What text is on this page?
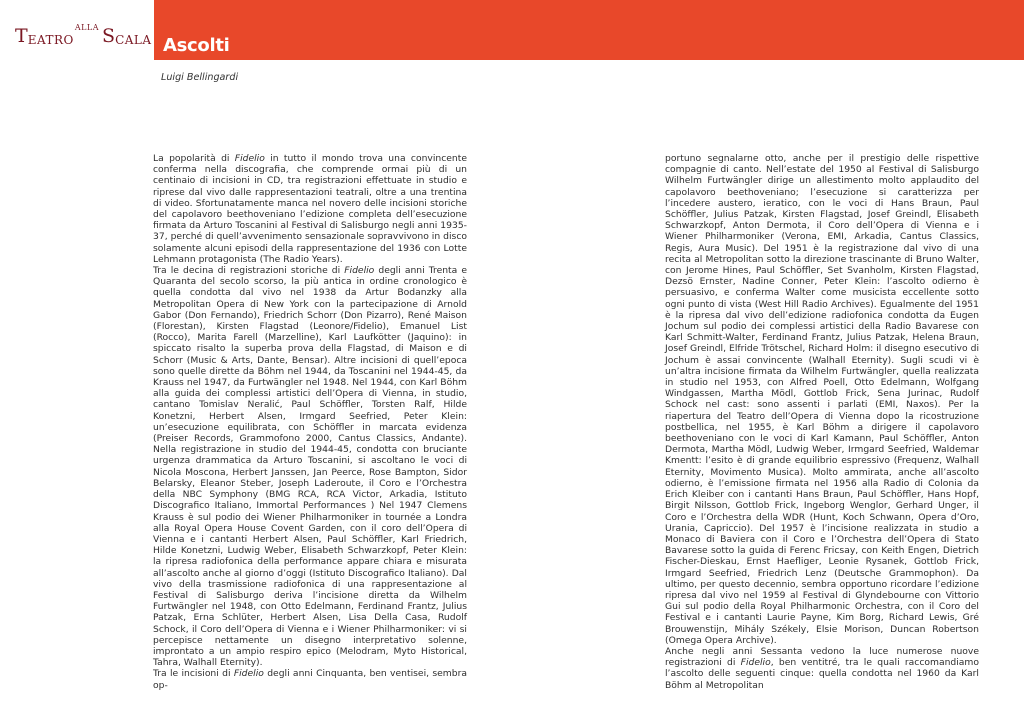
Ascolti
T EATRO
ALLA S CALA
Luigi Bellingardi

La popolarità di Fidelio in tutto il mondo trova una convincente conferma nella discografia, che comprende ormai più di un centinaio di incisioni in CD, tra registrazioni effettuate in studio e riprese dal vivo dalle rappresentazioni teatrali, oltre a una trentina di video. Sfortunatamente manca nel novero delle incisioni storiche del capolavoro beethoveniano l’edizione completa dell’esecuzione firmata da Arturo Toscanini al Festival di Salisburgo negli anni 1935-37, perché di quell’avvenimento sensazionale sopravvivono in disco solamente alcuni episodi della rappresentazione del 1936 con Lotte Lehmann protagonista (The Radio Years).

Tra le decina di registrazioni storiche di Fidelio degli anni Trenta e Quaranta del secolo scorso, la più antica in ordine cronologico è quella condotta dal vivo nel 1938 da Artur Bodanzky alla Metropolitan Opera di New York con la partecipazione di Arnold Gabor (Don Fernando), Friedrich Schorr (Don Pizarro), René Maison (Florestan), Kirsten Flagstad (Leonore/Fidelio), Emanuel List (Rocco), Marita Farell (Marzelline), Karl Laufkötter (Jaquino): in spiccato risalto la superba prova della Flagstad, di Maison e di Schorr (Music & Arts, Dante, Bensar). Altre incisioni di quell’epoca sono quelle dirette da Böhm nel 1944, da Toscanini nel 1944-45, da Krauss nel 1947, da Furtwängler nel 1948. Nel 1944, con Karl Böhm alla guida dei complessi artistici dell’Opera di Vienna, in studio, cantano Tomislav Neralić, Paul Schöffler, Torsten Ralf, Hilde Konetzni, Herbert Alsen, Irmgard Seefried, Peter Klein: un’esecuzione equilibrata, con Schöffler in marcata evidenza (Preiser Records, Grammofono 2000, Cantus Classics, Andante). Nella registrazione in studio del 1944-45, condotta con bruciante urgenza drammatica da Arturo Toscanini, si ascoltano le voci di Nicola Moscona, Herbert Janssen, Jan Peerce, Rose Bampton, Sidor Belarsky, Eleanor Steber, Joseph Laderoute, il Coro e l’Orchestra della NBC Symphony (BMG RCA, RCA Victor, Arkadia, Istituto Discografico Italiano, Immortal Performances ) Nel 1947 Clemens Krauss è sul podio dei Wiener Philharmoniker in tournée a Londra alla Royal Opera House Covent Garden, con il coro dell’Opera di Vienna e i cantanti Herbert Alsen, Paul Schöffler, Karl Friedrich, Hilde Konetzni, Ludwig Weber, Elisabeth Schwarzkopf, Peter Klein: la ripresa radiofonica della performance appare chiara e misurata all’ascolto anche al giorno d’oggi (Istituto Discografico Italiano). Dal vivo della trasmissione radiofonica di una rappresentazione al Festival di Salisburgo deriva l’incisione diretta da Wilhelm Furtwängler nel 1948, con Otto Edelmann, Ferdinand Frantz, Julius Patzak, Erna Schlüter, Herbert Alsen, Lisa Della Casa, Rudolf Schock, il Coro dell’Opera di Vienna e i Wiener Philharmoniker: vi si percepisce nettamente un disegno interpretativo solenne, improntato a un ampio respiro epico (Melodram, Myto Historical, Tahra, Walhall Eternity).

Tra le incisioni di Fidelio degli anni Cinquanta, ben ventisei, sembra op-

portuno segnalarne otto, anche per il prestigio delle rispettive compagnie di canto. Nell’estate del 1950 al Festival di Salisburgo Wilhelm Furtwängler dirige un allestimento molto applaudito del capolavoro beethoveniano; l’esecuzione si caratterizza per l’incedere austero, ieratico, con le voci di Hans Braun, Paul Schöffler, Julius Patzak, Kirsten Flagstad, Josef Greindl, Elisabeth Schwarzkopf, Anton Dermota, il Coro dell’Opera di Vienna e i Wiener Philharmoniker (Verona, EMI, Arkadia, Cantus Classics, Regis, Aura Music). Del 1951 è la registrazione dal vivo di una recita al Metropolitan sotto la direzione trascinante di Bruno Walter, con Jerome Hines, Paul Schöffler, Set Svanholm, Kirsten Flagstad, Dezsö Ernster, Nadine Conner, Peter Klein: l’ascolto odierno è persuasivo, e conferma Walter come musicista eccellente sotto ogni punto di vista (West Hill Radio Archives). Egualmente del 1951 è la ripresa dal vivo dell’edizione radiofonica condotta da Eugen Jochum sul podio dei complessi artistici della Radio Bavarese con Karl Schmitt-Walter, Ferdinand Frantz, Julius Patzak, Helena Braun, Josef Greindl, Elfride Trötschel, Richard Holm: il disegno esecutivo di Jochum è assai convincente (Walhall Eternity). Sugli scudi vi è un’altra incisione firmata da Wilhelm Furtwängler, quella realizzata in studio nel 1953, con Alfred Poell, Otto Edelmann, Wolfgang Windgassen, Martha Mödl, Gottlob Frick, Sena Jurinac, Rudolf Schock nel cast: sono assenti i parlati (EMI, Naxos). Per la riapertura del Teatro dell’Opera di Vienna dopo la ricostruzione postbellica, nel 1955, è Karl Böhm a dirigere il capolavoro beethoveniano con le voci di Karl Kamann, Paul Schöffler, Anton Dermota, Martha Mödl, Ludwig Weber, Irmgard Seefried, Waldemar Kmentt: l’esito è di grande equilibrio espressivo (Frequenz, Walhall Eternity, Movimento Musica). Molto ammirata, anche all’ascolto odierno, è l’emissione firmata nel 1956 alla Radio di Colonia da Erich Kleiber con i cantanti Hans Braun, Paul Schöffler, Hans Hopf, Birgit Nilsson, Gottlob Frick, Ingeborg Wenglor, Gerhard Unger, il Coro e l’Orchestra della WDR (Hunt, Koch Schwann, Opera d’Oro, Urania, Capriccio). Del 1957 è l’incisione realizzata in studio a Monaco di Baviera con il Coro e l’Orchestra dell’Opera di Stato Bavarese sotto la guida di Ferenc Fricsay, con Keith Engen, Dietrich Fischer-Dieskau, Ernst Haefliger, Leonie Rysanek, Gottlob Frick, Irmgard Seefried, Friedrich Lenz (Deutsche Grammophon). Da ultimo, per questo decennio, sembra opportuno ricordare l’edizione ripresa dal vivo nel 1959 al Festival di Glyndebourne con Vittorio Gui sul podio della Royal Philharmonic Orchestra, con il Coro del Festival e i cantanti Laurie Payne, Kim Borg, Richard Lewis, Gré Brouwenstijn, Mihály Székely, Elsie Morison, Duncan Robertson (Omega Opera Archive).

Anche negli anni Sessanta vedono la luce numerose nuove registrazioni di Fidelio, ben ventitré, tra le quali raccomandiamo l’ascolto delle seguenti cinque: quella condotta nel 1960 da Karl Böhm al Metropolitan
